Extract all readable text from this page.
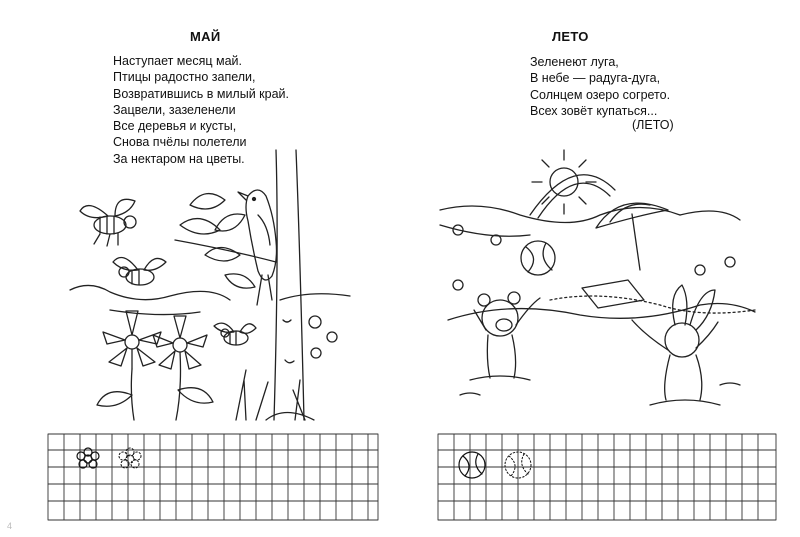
МАЙ
Наступает месяц май.
Птицы радостно запели,
Возвратившись в милый край.
Зацвели, зазеленели
Все деревья и кусты,
Снова пчёлы полетели
За нектаром на цветы.
ЛЕТО
Зеленеют луга,
В небе — радуга-дуга,
Солнцем озеро согрето.
Всех зовёт купаться...
(ЛЕТО)
4
